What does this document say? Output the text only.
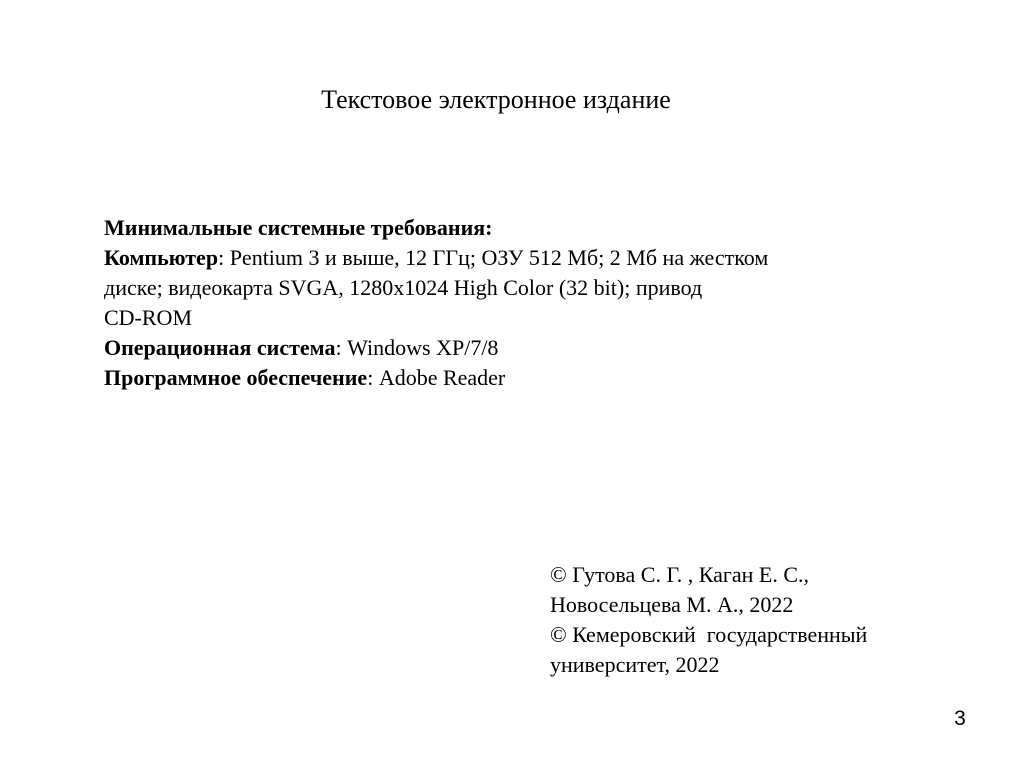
Текстовое электронное издание
Минимальные системные требования:
Компьютер: Pentium 3 и выше, 12 ГГц; ОЗУ 512 Мб; 2 Мб на жестком
диске; видеокарта SVGA, 1280x1024 High Color (32 bit); привод
CD-ROM
Операционная система: Windows XP/7/8
Программное обеспечение: Adobe Reader
© Гутова С. Г. , Каган Е. С.,
Новосельцева М. А., 2022
© Кемеровский  государственный
университет, 2022
3
